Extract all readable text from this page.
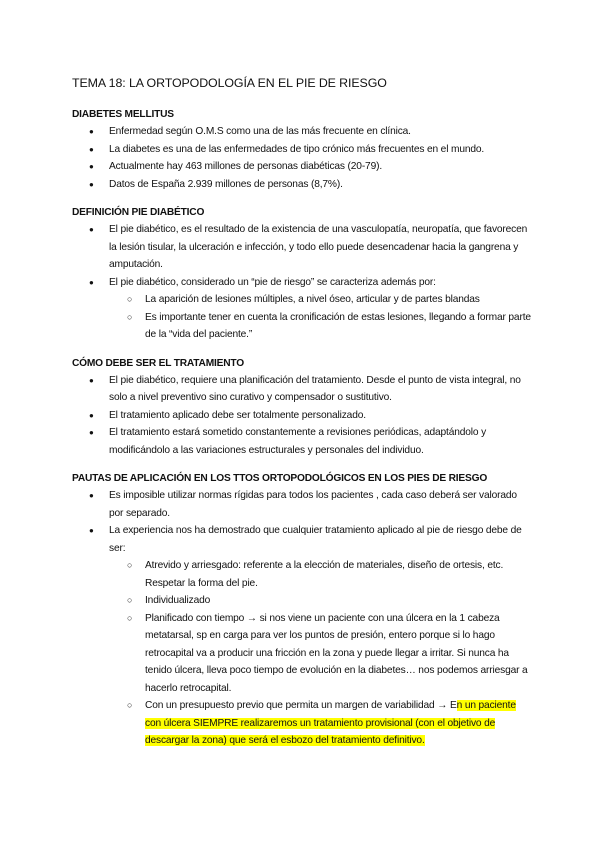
TEMA 18: LA ORTOPODOLOGÍA EN EL PIE DE RIESGO
DIABETES MELLITUS
● Enfermedad según O.M.S como una de las más frecuente en clínica.
● La diabetes es una de las enfermedades de tipo crónico más frecuentes en el mundo.
● Actualmente hay 463 millones de personas diabéticas (20-79).
● Datos de España 2.939 millones de personas (8,7%).
DEFINICIÓN PIE DIABÉTICO
● El pie diabético, es el resultado de la existencia de una vasculopatía, neuropatía, que favorecen la lesión tisular, la ulceración e infección, y todo ello puede desencadenar hacia la gangrena y amputación.
● El pie diabético, considerado un “pie de riesgo” se caracteriza además por:
○ La aparición de lesiones múltiples, a nivel óseo, articular y de partes blandas
○ Es importante tener en cuenta la cronificación de estas lesiones, llegando a formar parte de la “vida del paciente.”
CÓMO DEBE SER EL TRATAMIENTO
● El pie diabético, requiere una planificación del tratamiento. Desde el punto de vista integral, no solo a nivel preventivo sino curativo y compensador o sustitutivo.
● El tratamiento aplicado debe ser totalmente personalizado.
● El tratamiento estará sometido constantemente a revisiones periódicas, adaptándolo y modificándolo a las variaciones estructurales y personales del individuo.
PAUTAS DE APLICACIÓN EN LOS TTOS ORTOPODOLÓGICOS EN LOS PIES DE RIESGO
● Es imposible utilizar normas rígidas para todos los pacientes , cada caso deberá ser valorado por separado.
● La experiencia nos ha demostrado que cualquier tratamiento aplicado al pie de riesgo debe de ser:
○ Atrevido y arriesgado: referente a la elección de materiales, diseño de ortesis, etc. Respetar la forma del pie.
○ Individualizado
○ Planificado con tiempo → si nos viene un paciente con una úlcera en la 1 cabeza metatarsal, sp en carga para ver los puntos de presión, entero porque si lo hago retrocapital va a producir una fricción en la zona y puede llegar a irritar. Si nunca ha tenido úlcera, lleva poco tiempo de evolución en la diabetes… nos podemos arriesgar a hacerlo retrocapital.
○ Con un presupuesto previo que permita un margen de variabilidad → En un paciente con úlcera SIEMPRE realizaremos un tratamiento provisional (con el objetivo de descargar la zona) que será el esbozo del tratamiento definitivo.
